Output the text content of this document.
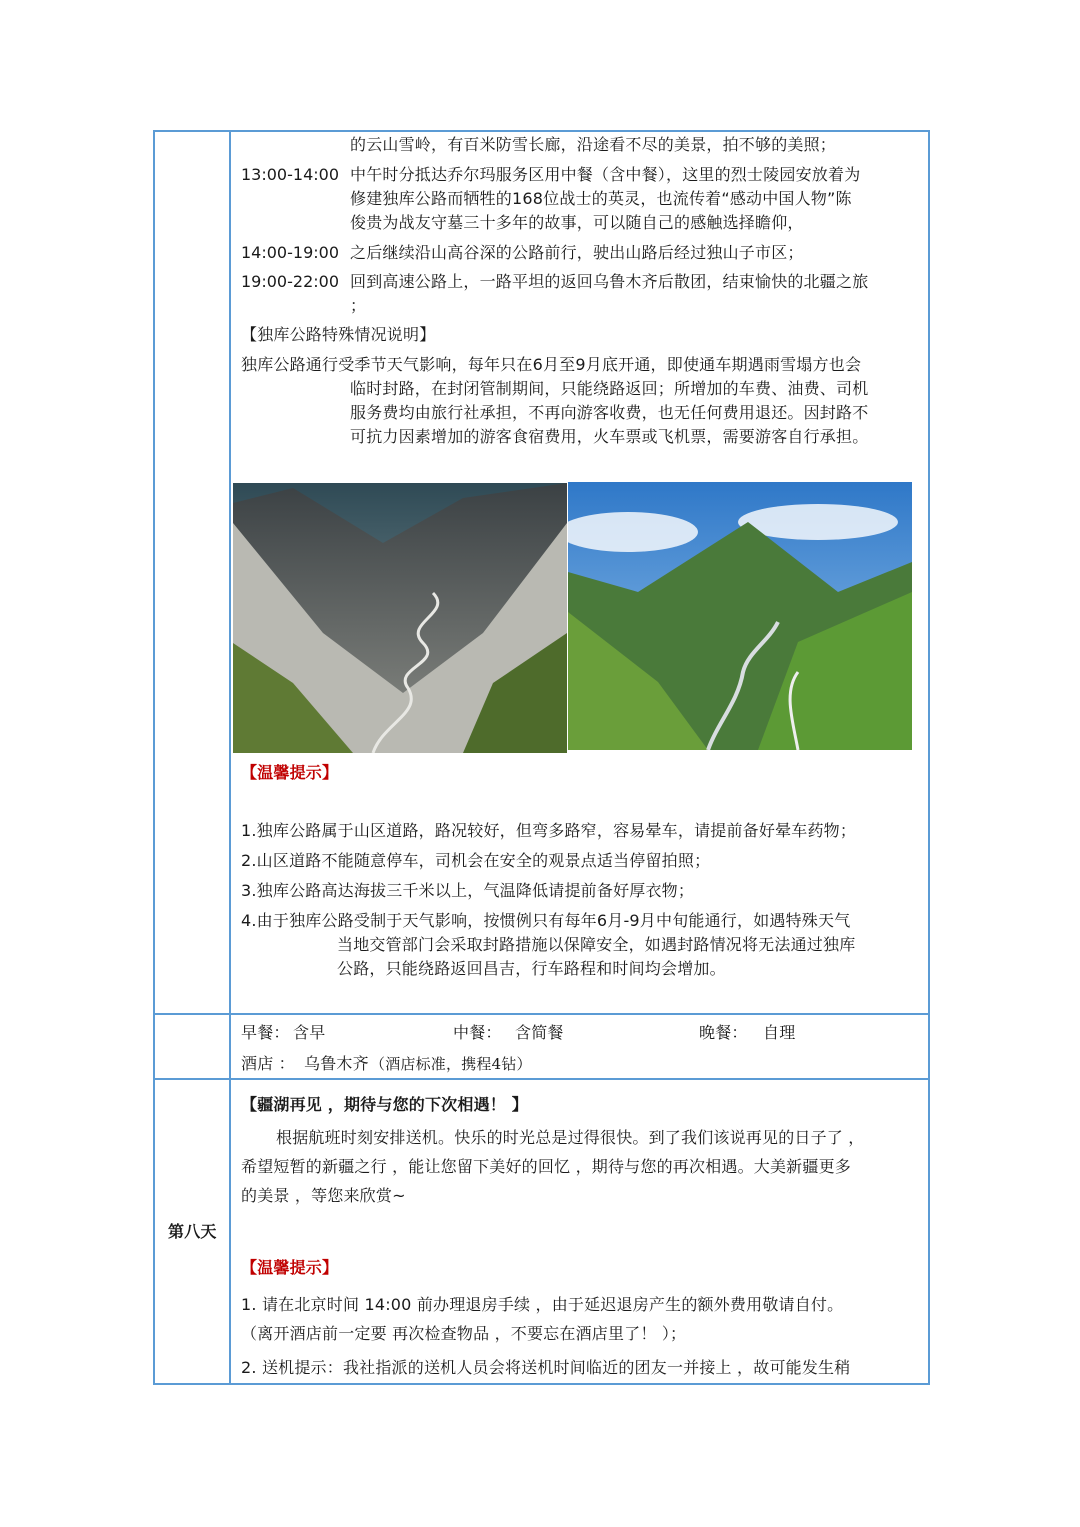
的云山雪岭，有百米防雪长廊，沿途看不尽的美景，拍不够的美照；
13:00-14:00 中午时分抵达乔尔玛服务区用中餐（含中餐），这里的烈士陵园安放着为
修建独库公路而牺牲的168位战士的英灵，也流传着“感动中国人物”陈
俊贵为战友守墓三十多年的故事，可以随自己的感触选择瞻仰，
14:00-19:00 之后继续沿山高谷深的公路前行，驶出山路后经过独山子市区；
19:00-22:00 回到高速公路上，一路平坦的返回乌鲁木齐后散团，结束愉快的北疆之旅
；
【独库公路特殊情况说明】
独库公路通行受季节天气影响，每年只在6月至9月底开通，即使通车期遇雨雪塌方也会
临时封路，在封闭管制期间，只能绕路返回；所增加的车费、油费、司机
服务费均由旅行社承担，不再向游客收费，也无任何费用退还。因封路不
可抗力因素增加的游客食宿费用，火车票或飞机票，需要游客自行承担。
【温馨提示】
1.独库公路属于山区道路，路况较好，但弯多路窄，容易晕车，请提前备好晕车药物；
2.山区道路不能随意停车，司机会在安全的观景点适当停留拍照；
3.独库公路高达海拔三千米以上，气温降低请提前备好厚衣物；
4.由于独库公路受制于天气影响，按惯例只有每年6月-9月中旬能通行，如遇特殊天气
当地交管部门会采取封路措施以保障安全，如遇封路情况将无法通过独库
公路，只能绕路返回昌吉，行车路程和时间均会增加。
早餐： 含早	中餐： 含简餐	晚餐： 自理
酒店 ： 乌鲁木齐 （酒店标准，携程4钻）
第八天
【疆湖再见 ，期待与您的下次相遇！ 】
根据航班时刻安排送机。快乐的时光总是过得很快。到了我们该说再见的日子了 ，
希望短暂的新疆之行 ，能让您留下美好的回忆 ，期待与您的再次相遇。大美新疆更多
的美景 ，等您来欣赏~
【温馨提示】
1. 请在北京时间 14:00 前办理退房手续 ，由于延迟退房产生的额外费用敬请自付。
（离开酒店前一定要 再次检查物品 ，不要忘在酒店里了！ ）；
2. 送机提示：我社指派的送机人员会将送机时间临近的团友一并接上 ，故可能发生稍
